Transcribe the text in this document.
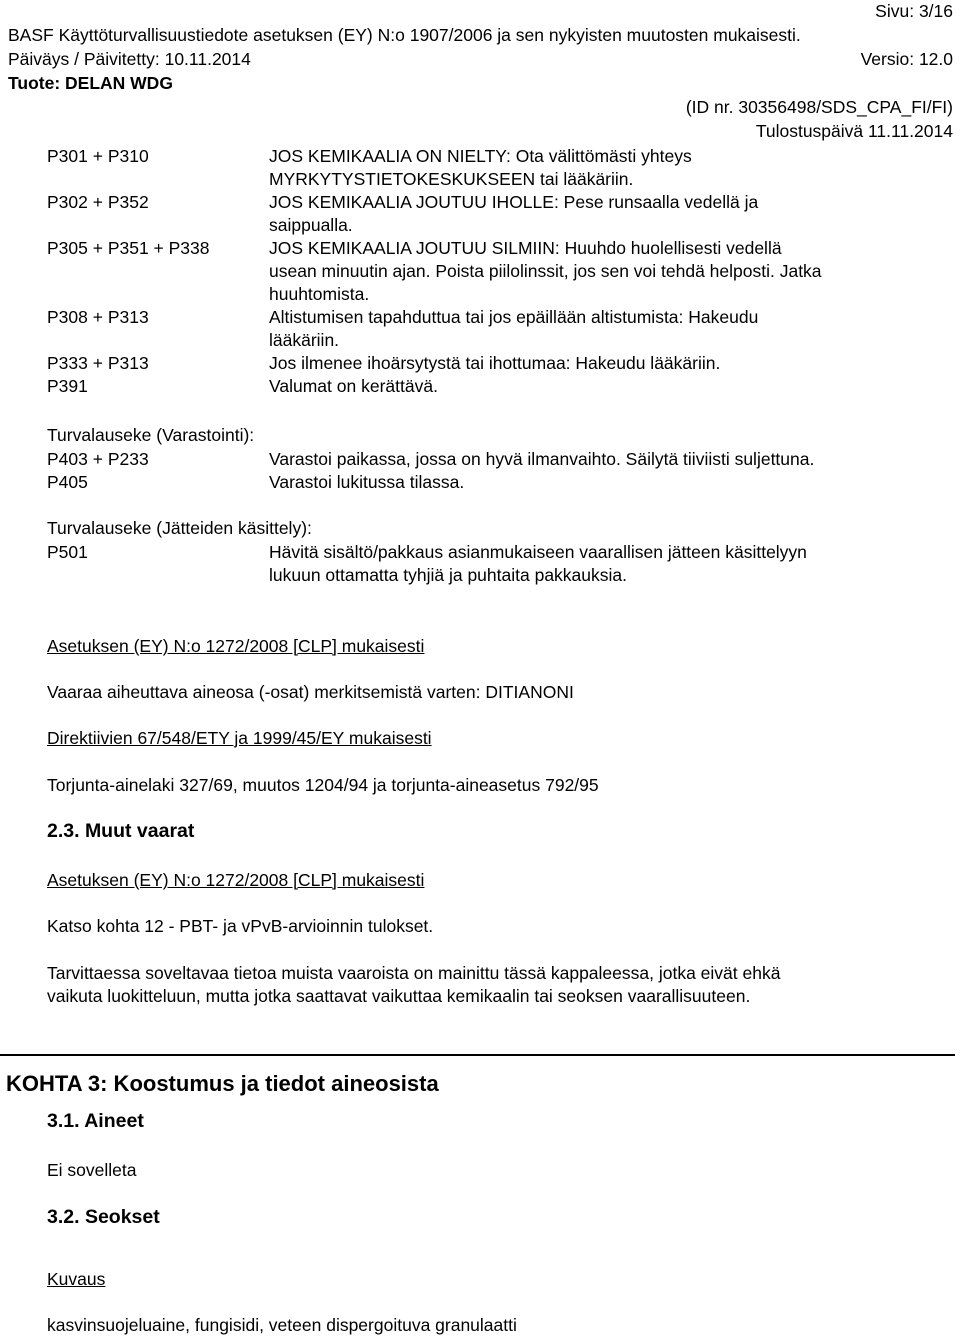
Sivu: 3/16
BASF Käyttöturvallisuustiedote asetuksen (EY) N:o 1907/2006 ja sen nykyisten muutosten mukaisesti.
Päiväys / Päivitetty: 10.11.2014	Versio: 12.0
Tuote: DELAN WDG
(ID nr. 30356498/SDS_CPA_FI/FI)
Tulostuspäivä 11.11.2014
P301 + P310	JOS KEMIKAALIA ON NIELTY: Ota välittömästi yhteys
MYRKYTYSTIETOKESKUKSEEN tai lääkäriin.
P302 + P352	JOS KEMIKAALIA JOUTUU IHOLLE: Pese runsaalla vedellä ja
saippualla.
P305 + P351 + P338	JOS KEMIKAALIA JOUTUU SILMIIN: Huuhdo huolellisesti vedellä
usean minuutin ajan. Poista piilolinssit, jos sen voi tehdä helposti. Jatka
huuhtomista.
P308 + P313	Altistumisen tapahduttua tai jos epäillään altistumista: Hakeudu
lääkäriin.
P333 + P313	Jos ilmenee ihoärsytystä tai ihottumaa: Hakeudu lääkäriin.
P391	Valumat on kerättävä.
Turvalauseke (Varastointi):
P403 + P233	Varastoi paikassa, jossa on hyvä ilmanvaihto. Säilytä tiiviisti suljettuna.
P405	Varastoi lukitussa tilassa.
Turvalauseke (Jätteiden käsittely):
P501	Hävitä sisältö/pakkaus asianmukaiseen vaarallisen jätteen käsittelyyn
lukuun ottamatta tyhjiä ja puhtaita pakkauksia.
Asetuksen (EY) N:o 1272/2008 [CLP] mukaisesti
Vaaraa aiheuttava aineosa (-osat) merkitsemistä varten: DITIANONI
Direktiivien 67/548/ETY ja 1999/45/EY mukaisesti
Torjunta-ainelaki 327/69, muutos 1204/94 ja torjunta-aineasetus 792/95
2.3. Muut vaarat
Asetuksen (EY) N:o 1272/2008 [CLP] mukaisesti
Katso kohta 12 - PBT- ja vPvB-arvioinnin tulokset.
Tarvittaessa soveltavaa tietoa muista vaaroista on mainittu tässä kappaleessa, jotka eivät ehkä
vaikuta luokitteluun, mutta jotka saattavat vaikuttaa kemikaalin tai seoksen vaarallisuuteen.
KOHTA 3: Koostumus ja tiedot aineosista
3.1. Aineet
Ei sovelleta
3.2. Seokset
Kuvaus
kasvinsuojeluaine, fungisidi, veteen dispergoituva granulaatti
